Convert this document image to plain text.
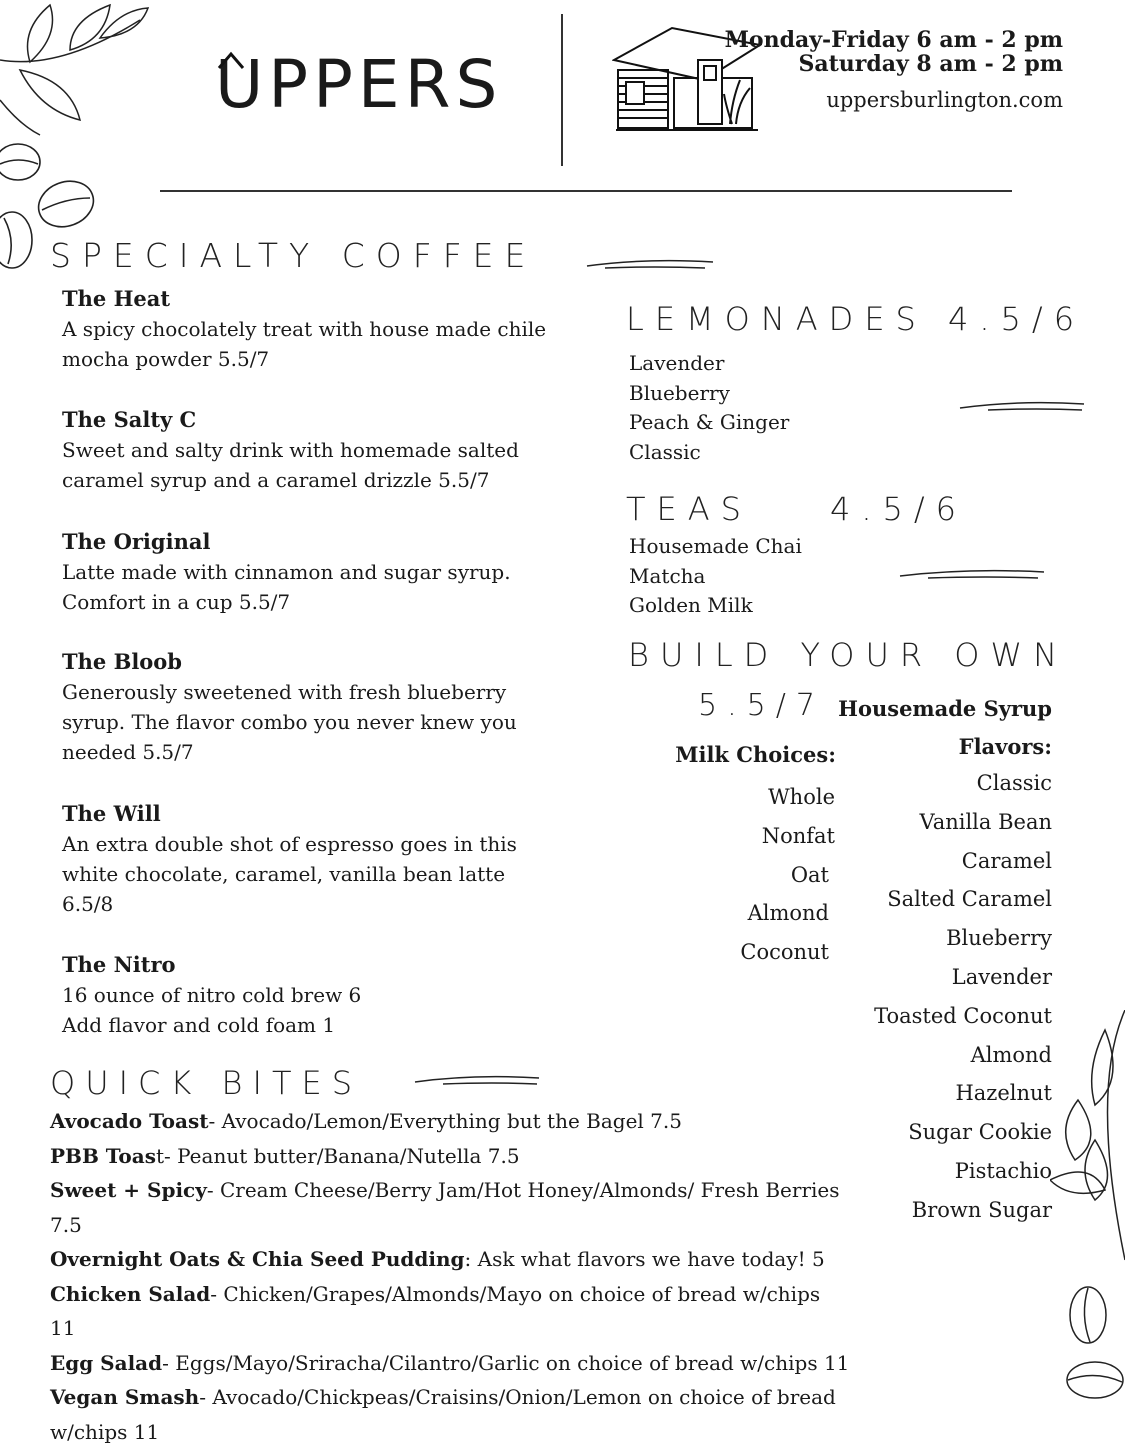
UPPERS
Monday-Friday 6 am - 2 pm
Saturday 8 am - 2 pm
uppersburlington.com
SPECIALTY COFFEE
The Heat
A spicy chocolately treat with house made chile
mocha powder 5.5/7
The Salty C
Sweet and salty drink with homemade salted
caramel syrup and a caramel drizzle 5.5/7
The Original
Latte made with cinnamon and sugar syrup.
Comfort in a cup 5.5/7
The Bloob
Generously sweetened with fresh blueberry
syrup. The flavor combo you never knew you
needed 5.5/7
The Will
An extra double shot of espresso goes in this
white chocolate, caramel, vanilla bean latte
6.5/8
The Nitro
16 ounce of nitro cold brew 6
Add flavor and cold foam 1
LEMONADES 4.5/6
Lavender
Blueberry
Peach & Ginger
Classic
TEAS 4.5/6
Housemade Chai
Matcha
Golden Milk
BUILD YOUR OWN
5.5/7
Milk Choices:
Whole
Nonfat
Oat
Almond
Coconut
Housemade Syrup
Flavors:
Classic
Vanilla Bean
Caramel
Salted Caramel
Blueberry
Lavender
Toasted Coconut
Almond
Hazelnut
Sugar Cookie
Pistachio
Brown Sugar
QUICK BITES
Avocado Toast- Avocado/Lemon/Everything but the Bagel 7.5
PBB Toast- Peanut butter/Banana/Nutella 7.5
Sweet + Spicy- Cream Cheese/Berry Jam/Hot Honey/Almonds/ Fresh Berries 7.5
Overnight Oats & Chia Seed Pudding: Ask what flavors we have today! 5
Chicken Salad- Chicken/Grapes/Almonds/Mayo on choice of bread w/chips 11
Egg Salad- Eggs/Mayo/Sriracha/Cilantro/Garlic on choice of bread w/chips 11
Vegan Smash- Avocado/Chickpeas/Craisins/Onion/Lemon on choice of bread
w/chips 11
